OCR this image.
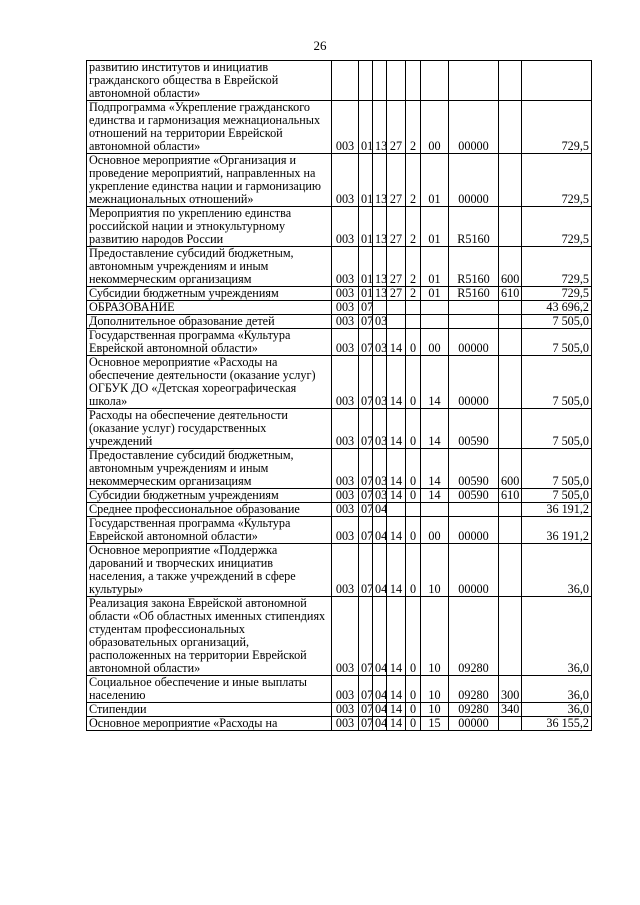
26
развитию институтов и инициатив гражданского общества в Еврейской автономной области»									
Подпрограмма «Укрепление гражданского единства и гармонизация межнациональных отношений на территории Еврейской автономной области»	003	01	13	27	2	00	00000		729,5
Основное мероприятие «Организация и проведение мероприятий, направленных на укрепление единства нации и гармонизацию межнациональных отношений»	003	01	13	27	2	01	00000		729,5
Мероприятия по укреплению единства российской нации и этнокультурному развитию народов России	003	01	13	27	2	01	R5160		729,5
Предоставление субсидий бюджетным, автономным учреждениям и иным некоммерческим организациям	003	01	13	27	2	01	R5160	600	729,5
Субсидии бюджетным учреждениям	003	01	13	27	2	01	R5160	610	729,5
ОБРАЗОВАНИЕ	003	07							43 696,2
Дополнительное образование детей	003	07	03						7 505,0
Государственная программа «Культура Еврейской автономной области»	003	07	03	14	0	00	00000		7 505,0
Основное мероприятие «Расходы на обеспечение деятельности (оказание услуг) ОГБУК ДО «Детская хореографическая школа»	003	07	03	14	0	14	00000		7 505,0
Расходы на обеспечение деятельности (оказание услуг) государственных учреждений	003	07	03	14	0	14	00590		7 505,0
Предоставление субсидий бюджетным, автономным учреждениям и иным некоммерческим организациям	003	07	03	14	0	14	00590	600	7 505,0
Субсидии бюджетным учреждениям	003	07	03	14	0	14	00590	610	7 505,0
Среднее профессиональное образование	003	07	04						36 191,2
Государственная программа «Культура Еврейской автономной области»	003	07	04	14	0	00	00000		36 191,2
Основное мероприятие «Поддержка дарований и творческих инициатив населения, а также учреждений в сфере культуры»	003	07	04	14	0	10	00000		36,0
Реализация закона Еврейской автономной области «Об областных именных стипендиях студентам профессиональных образовательных организаций, расположенных на территории Еврейской автономной области»	003	07	04	14	0	10	09280		36,0
Социальное обеспечение и иные выплаты населению	003	07	04	14	0	10	09280	300	36,0
Стипендии	003	07	04	14	0	10	09280	340	36,0
Основное мероприятие «Расходы на	003	07	04	14	0	15	00000		36 155,2
